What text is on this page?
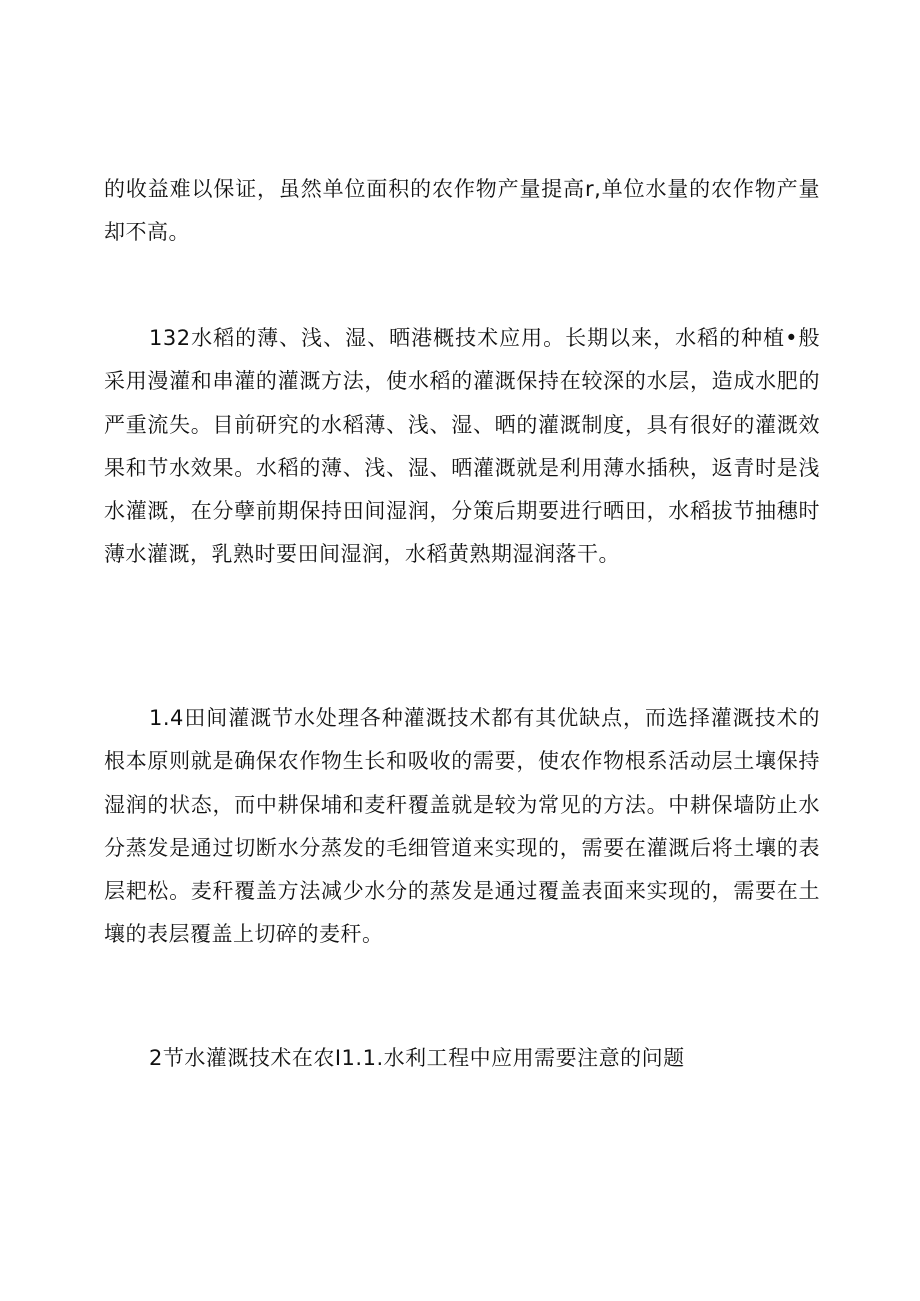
的收益难以保证，虽然单位面积的农作物产量提高r,单位水量的农作物产量却不高。

132水稻的薄、浅、湿、晒港概技术应用。长期以来，水稻的种植•般采用漫灌和串灌的灌溉方法，使水稻的灌溉保持在较深的水层，造成水肥的严重流失。目前研究的水稻薄、浅、湿、晒的灌溉制度，具有很好的灌溉效果和节水效果。水稻的薄、浅、湿、晒灌溉就是利用薄水插秧，返青时是浅水灌溉，在分孽前期保持田间湿润，分策后期要进行晒田，水稻拔节抽穗时薄水灌溉，乳熟时要田间湿润，水稻黄熟期湿润落干。

1.4田间灌溉节水处理各种灌溉技术都有其优缺点，而选择灌溉技术的根本原则就是确保农作物生长和吸收的需要，使农作物根系活动层土壤保持湿润的状态，而中耕保埔和麦秆覆盖就是较为常见的方法。中耕保墙防止水分蒸发是通过切断水分蒸发的毛细管道来实现的，需要在灌溉后将土壤的表层耙松。麦秆覆盖方法减少水分的蒸发是通过覆盖表面来实现的，需要在土壤的表层覆盖上切碎的麦秆。

2节水灌溉技术在农I1.1.水利工程中应用需要注意的问题
